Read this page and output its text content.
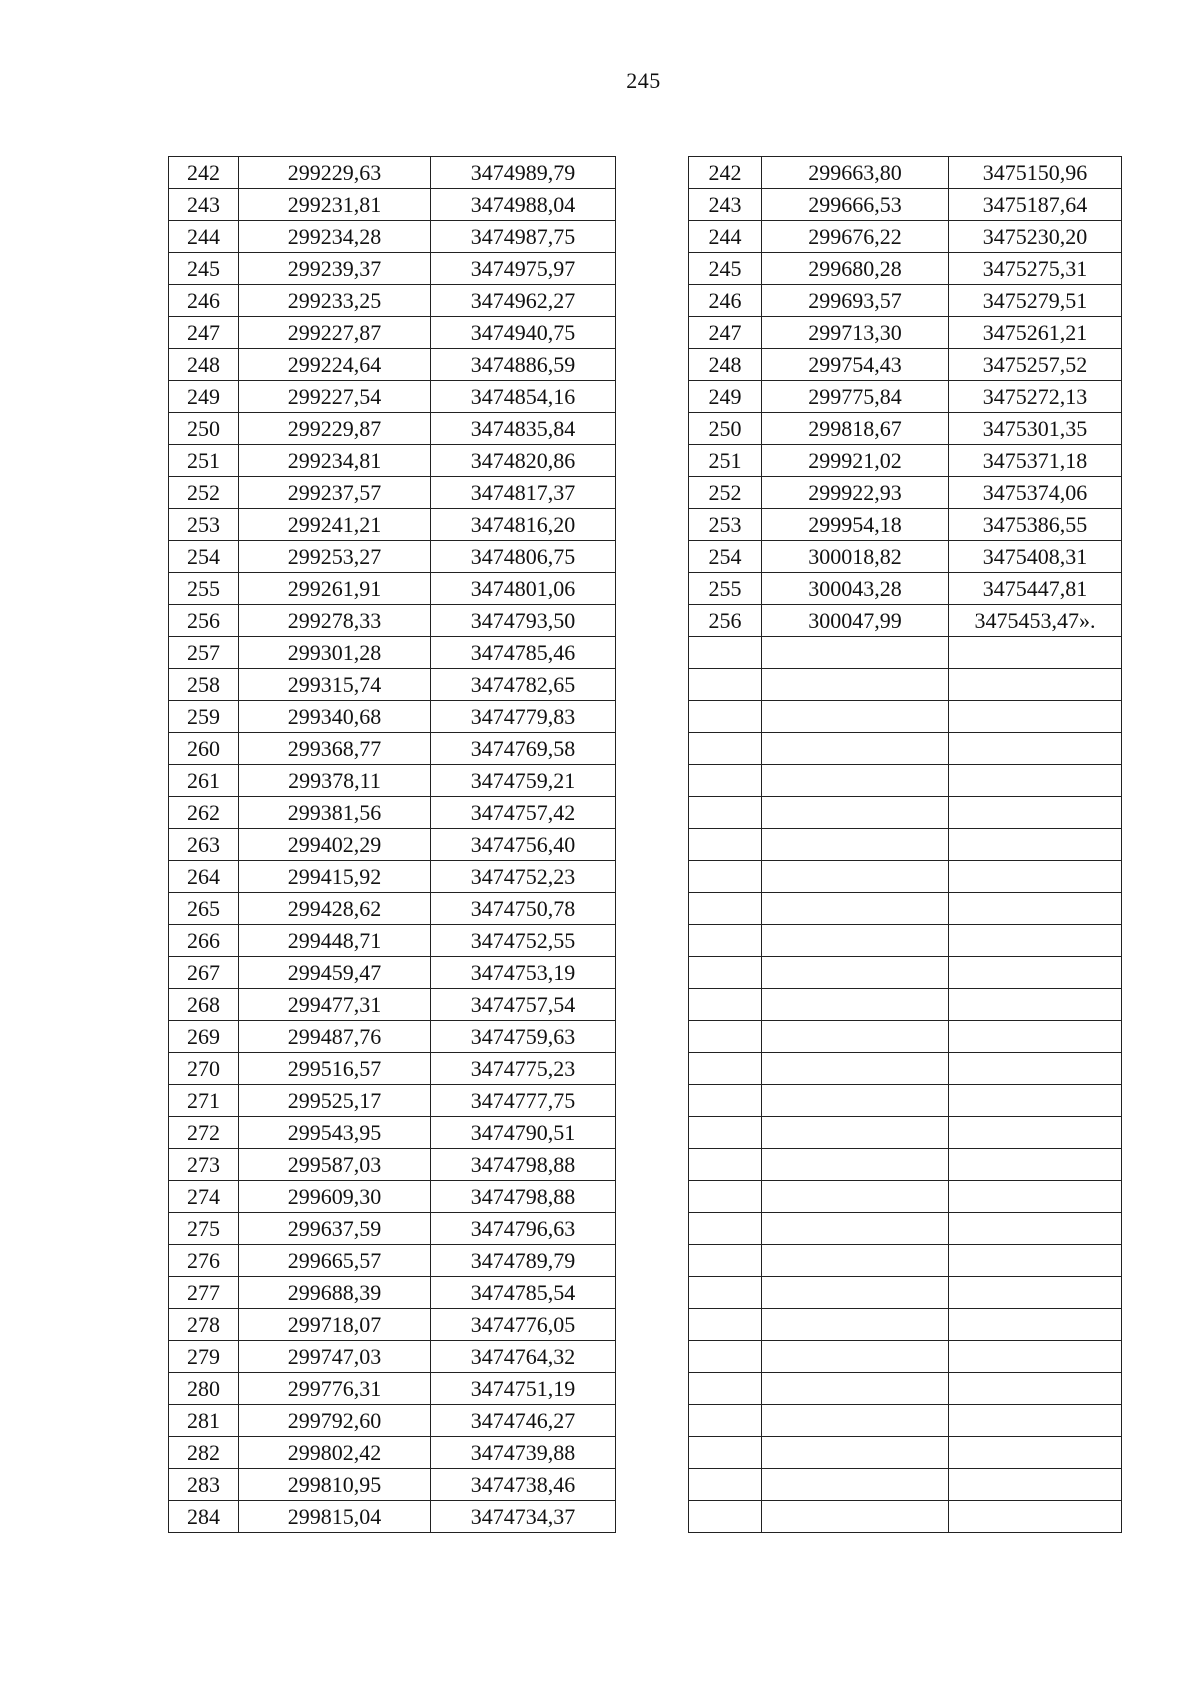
245
242	299229,63	3474989,79
243	299231,81	3474988,04
244	299234,28	3474987,75
245	299239,37	3474975,97
246	299233,25	3474962,27
247	299227,87	3474940,75
248	299224,64	3474886,59
249	299227,54	3474854,16
250	299229,87	3474835,84
251	299234,81	3474820,86
252	299237,57	3474817,37
253	299241,21	3474816,20
254	299253,27	3474806,75
255	299261,91	3474801,06
256	299278,33	3474793,50
257	299301,28	3474785,46
258	299315,74	3474782,65
259	299340,68	3474779,83
260	299368,77	3474769,58
261	299378,11	3474759,21
262	299381,56	3474757,42
263	299402,29	3474756,40
264	299415,92	3474752,23
265	299428,62	3474750,78
266	299448,71	3474752,55
267	299459,47	3474753,19
268	299477,31	3474757,54
269	299487,76	3474759,63
270	299516,57	3474775,23
271	299525,17	3474777,75
272	299543,95	3474790,51
273	299587,03	3474798,88
274	299609,30	3474798,88
275	299637,59	3474796,63
276	299665,57	3474789,79
277	299688,39	3474785,54
278	299718,07	3474776,05
279	299747,03	3474764,32
280	299776,31	3474751,19
281	299792,60	3474746,27
282	299802,42	3474739,88
283	299810,95	3474738,46
284	299815,04	3474734,37
242	299663,80	3475150,96
243	299666,53	3475187,64
244	299676,22	3475230,20
245	299680,28	3475275,31
246	299693,57	3475279,51
247	299713,30	3475261,21
248	299754,43	3475257,52
249	299775,84	3475272,13
250	299818,67	3475301,35
251	299921,02	3475371,18
252	299922,93	3475374,06
253	299954,18	3475386,55
254	300018,82	3475408,31
255	300043,28	3475447,81
256	300047,99	3475453,47».
